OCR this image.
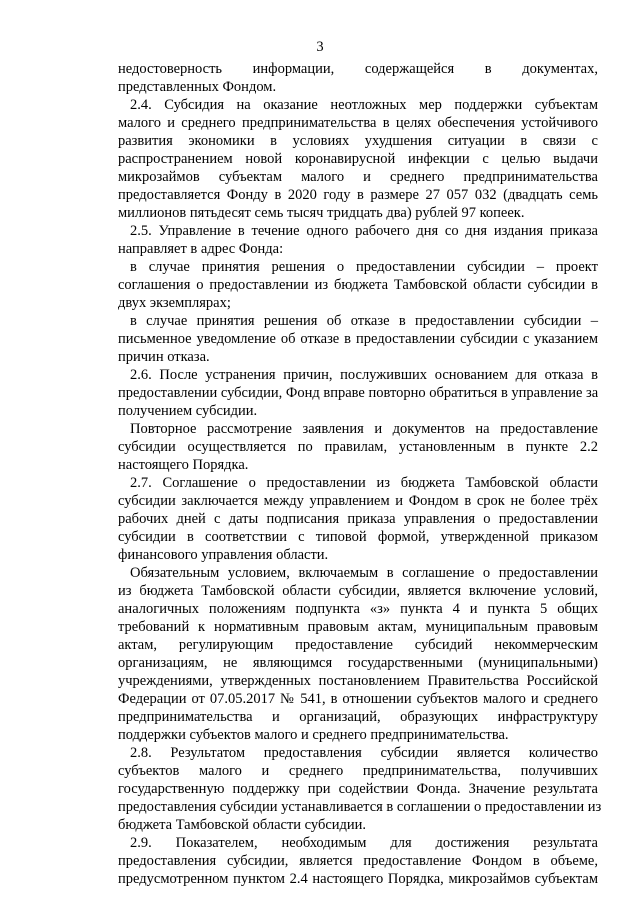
3
недостоверность информации, содержащейся в документах,
представленных Фондом.
2.4. Субсидия на оказание неотложных мер поддержки субъектам
малого и среднего предпринимательства в целях обеспечения устойчивого
развития экономики в условиях ухудшения ситуации в связи с
распространением новой коронавирусной инфекции с целью выдачи
микрозаймов субъектам малого и среднего предпринимательства
предоставляется Фонду в 2020 году в размере 27 057 032 (двадцать семь
миллионов пятьдесят семь тысяч тридцать два) рублей 97 копеек.
2.5. Управление в течение одного рабочего дня со дня издания приказа
направляет в адрес Фонда:
в случае принятия решения о предоставлении субсидии – проект
соглашения о предоставлении из бюджета Тамбовской области субсидии в
двух экземплярах;
в случае принятия решения об отказе в предоставлении субсидии –
письменное уведомление об отказе в предоставлении субсидии с указанием
причин отказа.
2.6. После устранения причин, послуживших основанием для отказа в
предоставлении субсидии, Фонд вправе повторно обратиться в управление за
получением субсидии.
Повторное рассмотрение заявления и документов на предоставление
субсидии осуществляется по правилам, установленным в пункте 2.2
настоящего Порядка.
2.7. Соглашение о предоставлении из бюджета Тамбовской области
субсидии заключается между управлением и Фондом в срок не более трёх
рабочих дней с даты подписания приказа управления о предоставлении
субсидии в соответствии с типовой формой, утвержденной приказом
финансового управления области.
Обязательным условием, включаемым в соглашение о предоставлении
из бюджета Тамбовской области субсидии, является включение условий,
аналогичных положениям подпункта «з» пункта 4 и пункта 5 общих
требований к нормативным правовым актам, муниципальным правовым
актам, регулирующим предоставление субсидий некоммерческим
организациям, не являющимся государственными (муниципальными)
учреждениями, утвержденных постановлением Правительства Российской
Федерации от 07.05.2017 № 541, в отношении субъектов малого и среднего
предпринимательства и организаций, образующих инфраструктуру
поддержки субъектов малого и среднего предпринимательства.
2.8. Результатом предоставления субсидии является количество
субъектов малого и среднего предпринимательства, получивших
государственную поддержку при содействии Фонда. Значение результата
предоставления субсидии устанавливается в соглашении о предоставлении из
бюджета Тамбовской области субсидии.
2.9. Показателем, необходимым для достижения результата
предоставления субсидии, является предоставление Фондом в объеме,
предусмотренном пунктом 2.4 настоящего Порядка, микрозаймов субъектам
